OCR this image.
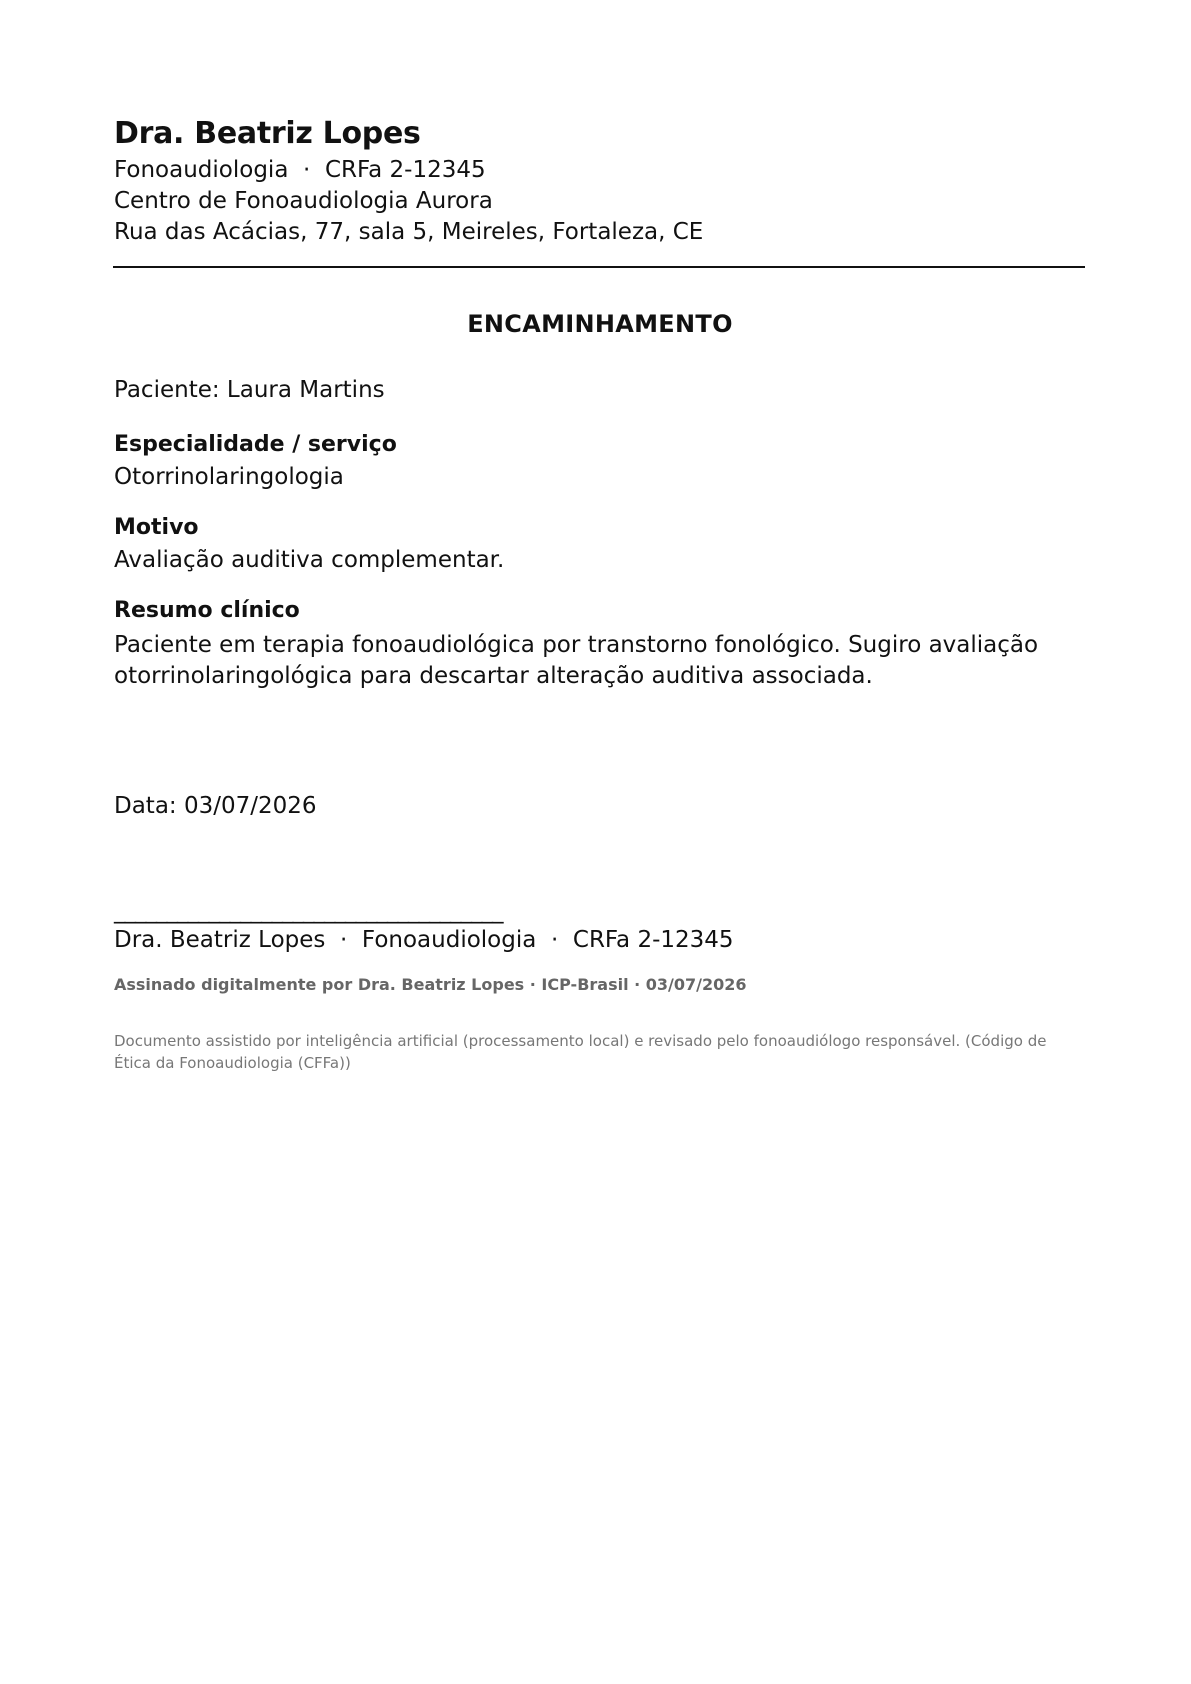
Dra. Beatriz Lopes
Fonoaudiologia  ·  CRFa 2-12345
Centro de Fonoaudiologia Aurora
Rua das Acácias, 77, sala 5, Meireles, Fortaleza, CE
ENCAMINHAMENTO
Paciente: Laura Martins
Especialidade / serviço
Otorrinolaringologia
Motivo
Avaliação auditiva complementar.
Resumo clínico
Paciente em terapia fonoaudiológica por transtorno fonológico. Sugiro avaliação otorrinolaringológica para descartar alteração auditiva associada.
Data: 03/07/2026
_____________________________________
Dra. Beatriz Lopes  ·  Fonoaudiologia  ·  CRFa 2-12345
Assinado digitalmente por Dra. Beatriz Lopes · ICP-Brasil · 03/07/2026
Documento assistido por inteligência artificial (processamento local) e revisado pelo fonoaudiólogo responsável. (Código de Ética da Fonoaudiologia (CFFa))
